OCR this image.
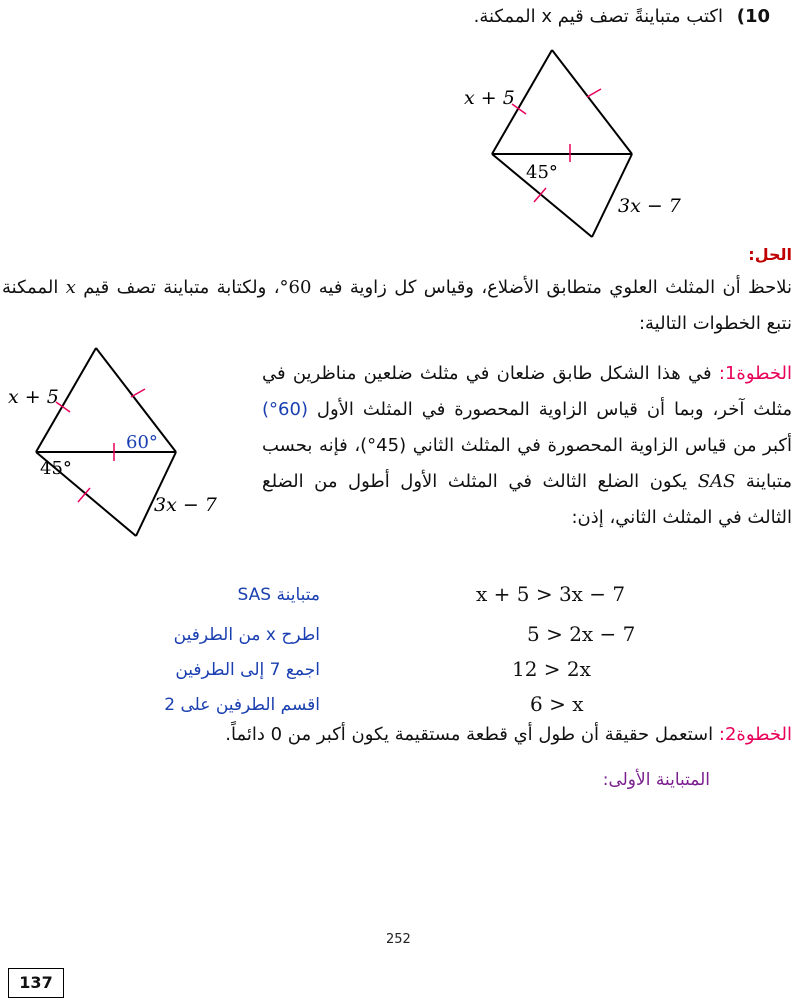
10) اكتب متباينةً تصف قيم x الممكنة.
x + 5
3x − 7
45°
الحل:
نلاحظ أن المثلث العلوي متطابق الأضلاع، وقياس كل زاوية فيه 60°، ولكتابة متباينة تصف قيم x الممكنة نتبع الخطوات التالية:
x + 5
3x − 7
60°
45°
الخطوة1: في هذا الشكل طابق ضلعان في مثلث ضلعين مناظرين في مثلث آخر، وبما أن قياس الزاوية المحصورة في المثلث الأول (60°) أكبر من قياس الزاوية المحصورة في المثلث الثاني (45°)، فإنه بحسب متباينة SAS يكون الضلع الثالث في المثلث الأول أطول من الضلع الثالث في المثلث الثاني، إذن:
x + 5 > 3x − 7
متباينة SAS
5 > 2x − 7
اطرح x من الطرفين
12 > 2x
اجمع 7 إلى الطرفين
6 > x
اقسم الطرفين على 2
الخطوة2: استعمل حقيقة أن طول أي قطعة مستقيمة يكون أكبر من 0 دائماً.
المتباينة الأولى:
252
137
